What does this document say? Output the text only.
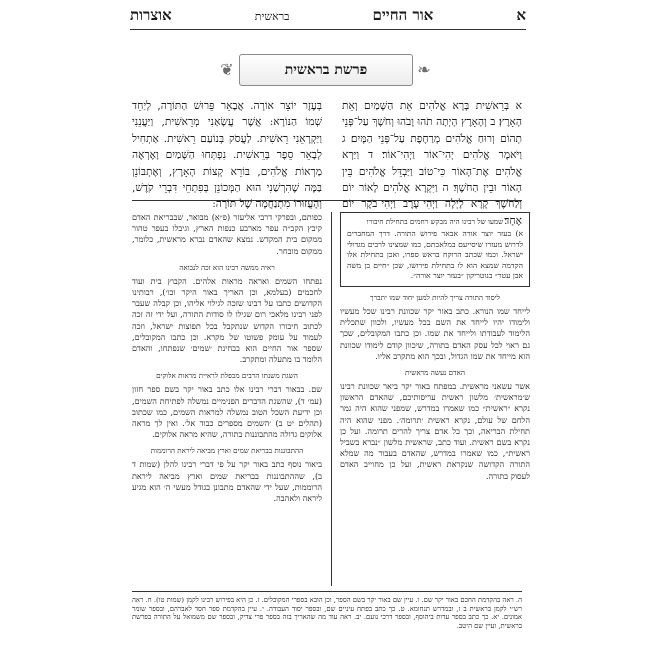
א
אור החיים
בראשית
אוצרות
❦	פרשת בראשית	❧
א בְּרֵאשִׁית בָּרָא אֱלֹהִים אֵת הַשָּׁמַיִם וְאֵת הָאָרֶץ׃ ב וְהָאָרֶץ הָיְתָה תֹהוּ וָבֹהוּ וְחֹשֶׁךְ עַל־פְּנֵי תְהוֹם וְרוּחַ אֱלֹהִים מְרַחֶפֶת עַל־פְּנֵי הַמָּיִם׃ ג וַיֹּאמֶר אֱלֹהִים יְהִי־אוֹר וַיְהִי־אוֹר׃ ד וַיַּרְא אֱלֹהִים אֶת־הָאוֹר כִּי־טוֹב וַיַּבְדֵּל אֱלֹהִים בֵּין הָאוֹר וּבֵין הַחֹשֶׁךְ׃ ה וַיִּקְרָא אֱלֹהִים לָאוֹר יוֹם וְלַחֹשֶׁךְ קָרָא לָיְלָה וַיְהִי־עֶרֶב וַיְהִי־בֹקֶר יוֹם אֶחָד׃
בְּעֶזֶר יוֹצֵר אוֹרָה. אֲבָאֵר פֵּרוּשׁ הַתּוֹרָה, לְיַחֵד שְׁמוֹ הַנּוֹרָא: אֲשֶׁר עֲשָׂאַנִי מְרֵאשִׁית, וַיַּעֲנֵנִי וַיַּקְרָאֵנִי רֵאשִׁית. לַעֲסֹק בְּנוֹעַם רֵאשִׁית. אַתְחִיל לְבָאֵר סֵפֶר בְּרֵאשִׁית. נִפְתְּחוּ הַשָּׁמַיִם וָאֶרְאֶה מַרְאוֹת אֱלֹהִים, בּוֹרֵא קְצוֹת הָאָרֶץ, וְאֶתְבּוֹנֵן בַּמֶּה שֶׁהִרְשַׁנִי הוּא הַמְּכוֹנֵן בְּפִתְחֵי דִּבְרֵי קֹדֶשׁ, וְהָעֲזוּרוֹ מִתְנַחֲמָה שֶׁל תּוֹרָה:
שמעו של רבינו היה מבקש רחמים בתחילת חיבורו

א) בעזר יוצר אורה אבאר פירוש התורה. דרך המחברים לדרוש מעזרו שיסייעם במלאכתם, כמו שמצינו לרבים מגדולי ישראל. וכמו שכתב הרוקח בראש ספרו, ואכן בתחילת אלו הקדמה שמצא הוא לו בתחילת פירושו, שכן ״חיים בן משה אבן עטר״ בנוטריקון ״בעזר יוצר אורה״.

ליסוד התורה צריך להיות למען יחוד שמו יתברך

לייחד שמו הנורא. כתב באור יקר שכוונת רבינו שכל מעשיו ולימודו יהיו לייחד את השם בכל מעשיו, ולכוון שתכלית הלימוד לעבודתו ולייחד את שמו. וכן כתבו המקובלים, שכך גם ראוי לכל עסק האדם בתורה, שיכוון קודם לימודו שכוונת הוא מייחד את שמו הגדול, ובכך הוא מתקרב אליו.

האדם נעשה מראשית

אשר עשאני מראשית. במפתח באור יקר ביאר שכוונת רבינו ש׳מראשית׳ מלשון ראשית עריסותיכם, שהאדם הראשון נקרא ״ראשית״ כמו שאמרו במדרש, שמפני שהוא היה גמר הלחם של עולם, נקרא ראשית ׳תרומה׳. מפני שהוא היה תחילת הבריאה, וכך כל אדם צריך להרים תרומה. ועל כן נקרא בשם ראשית. ועוד כתב, שראשית מלשון ״נברא בשביל ראשית״, כמו שאמרו במדרש, שהאדם בעבור מה שמלא התורה הקדושה שנקראת ראשית, ועל כן מחוייב האדם לעסוק בתורה.

כפותם, ובפרקי דרבי אליעזר (פ״א) מבואר, שבבריאת האדם קיבץ הקב״ה עפר מארבע כנפות הארץ, וגיבלו בעפר טהור ממקום בית המקדש. נמצא שהאדם נברא מראשית, כלומר, ממקום מובחר.

ראיה ממשה רבינו הוא זכה לנבואה

נפתחו השמים ואראה מראות אלהים. הקבוץ בית ועוד לחכמים (בעלמא, וכן האריך באור היקר וכו׳), רבותינו הקדושים כתבו על רבינו שזכה לגילוי אליהו, וכן קבלה שעבר לפני רבינו מלאכי רום שגילו לו סודות התורה, ועל ידי זה זכה לכתוב חיבורו הקדוש שנתקבל בכל תפוצות ישראל, וזכה לעמוד על עומק פשוטו של מקרא. וכן כתבו המקובלים, שספר אור החיים הוא בבחינת ׳שמים׳ שנפתחו, והאדם הלומד בו מתעלה ומתקרב.

השגת משנתו הרבים מכפלת לראיית מראות אלוקים

שם. בבאור דברי רבינו אלו כתב באור יקר בשם ספר חזון (עמ׳ ד), שהשגת הדברים הפנימיים נמשלה לפתיחת השמים, וכן ידיעת השכל הטוב נמשלה למראות השמים, כמו שכתוב (תהלים יט ב) ׳השמים מספרים כבוד אל׳. ואין לך מראה אלוקים גדולה מהתבוננות בתורה, שהיא מראה אלוקים.

ההתבוננות בבריאת שמים וארץ מביאה ליראת הרוממות

ביאור נוסף כתב באור יקר על פי דברי רבינו להלן (שמות ד ב), שההתבוננות בבריאת שמים וארץ מביאה ליראת הרוממות, שעל ידי שהאדם מתבונן בגודל מעשי ה׳ הוא מגיע ליראה ולאהבה.

ה. ראה בהקדמת החכם באור יקר שם. ו. עיין שם באור יקר בשם הספר, וכן הובא בספרי המקובלים. ז. כן היא בפירוש רבינו לקמן (שמות טו). ח. ראה רש״י לקמן בראשית ב ז, ובמדרש תנחומא. ט. כך כתב בפתח עיניים שם, ובספר יסוד העבודה. י. עיין בהקדמת ספר חסד לאברהם, ובספר שומר אמונים. יא. כך כתב בספר עדות ביהוסף, ובספר דרכי נועם. יב. ראה עוד מה שהאריך בזה בספר פרי צדיק, ובספר שם משמואל על התורה בפרשת בראשית, ועיין שם היטב.
